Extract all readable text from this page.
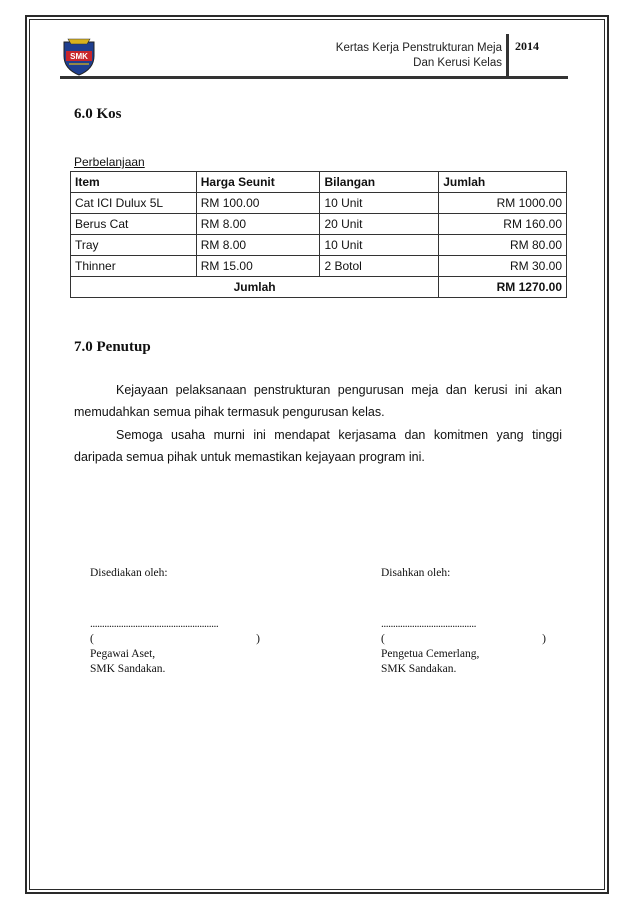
SMK
Kertas Kerja Penstrukturan Meja
Dan Kerusi Kelas
2014
6.0 Kos
Perbelanjaan
Item	Harga Seunit	Bilangan	Jumlah
Cat ICI Dulux 5L	RM 100.00	10 Unit	RM 1000.00
Berus Cat	RM 8.00	20 Unit	RM 160.00
Tray	RM 8.00	10 Unit	RM 80.00
Thinner	RM 15.00	2 Botol	RM 30.00
Jumlah			RM 1270.00
7.0 Penutup
Kejayaan pelaksanaan penstrukturan pengurusan meja dan kerusi ini akan memudahkan semua pihak termasuk pengurusan kelas.
Semoga usaha murni ini mendapat kerjasama dan komitmen yang tinggi daripada semua pihak untuk memastikan kejayaan program ini.
Disediakan oleh:
......................................................
(	)
Pegawai Aset,
SMK Sandakan.
Disahkan oleh:
........................................
(	)
Pengetua Cemerlang,
SMK Sandakan.
